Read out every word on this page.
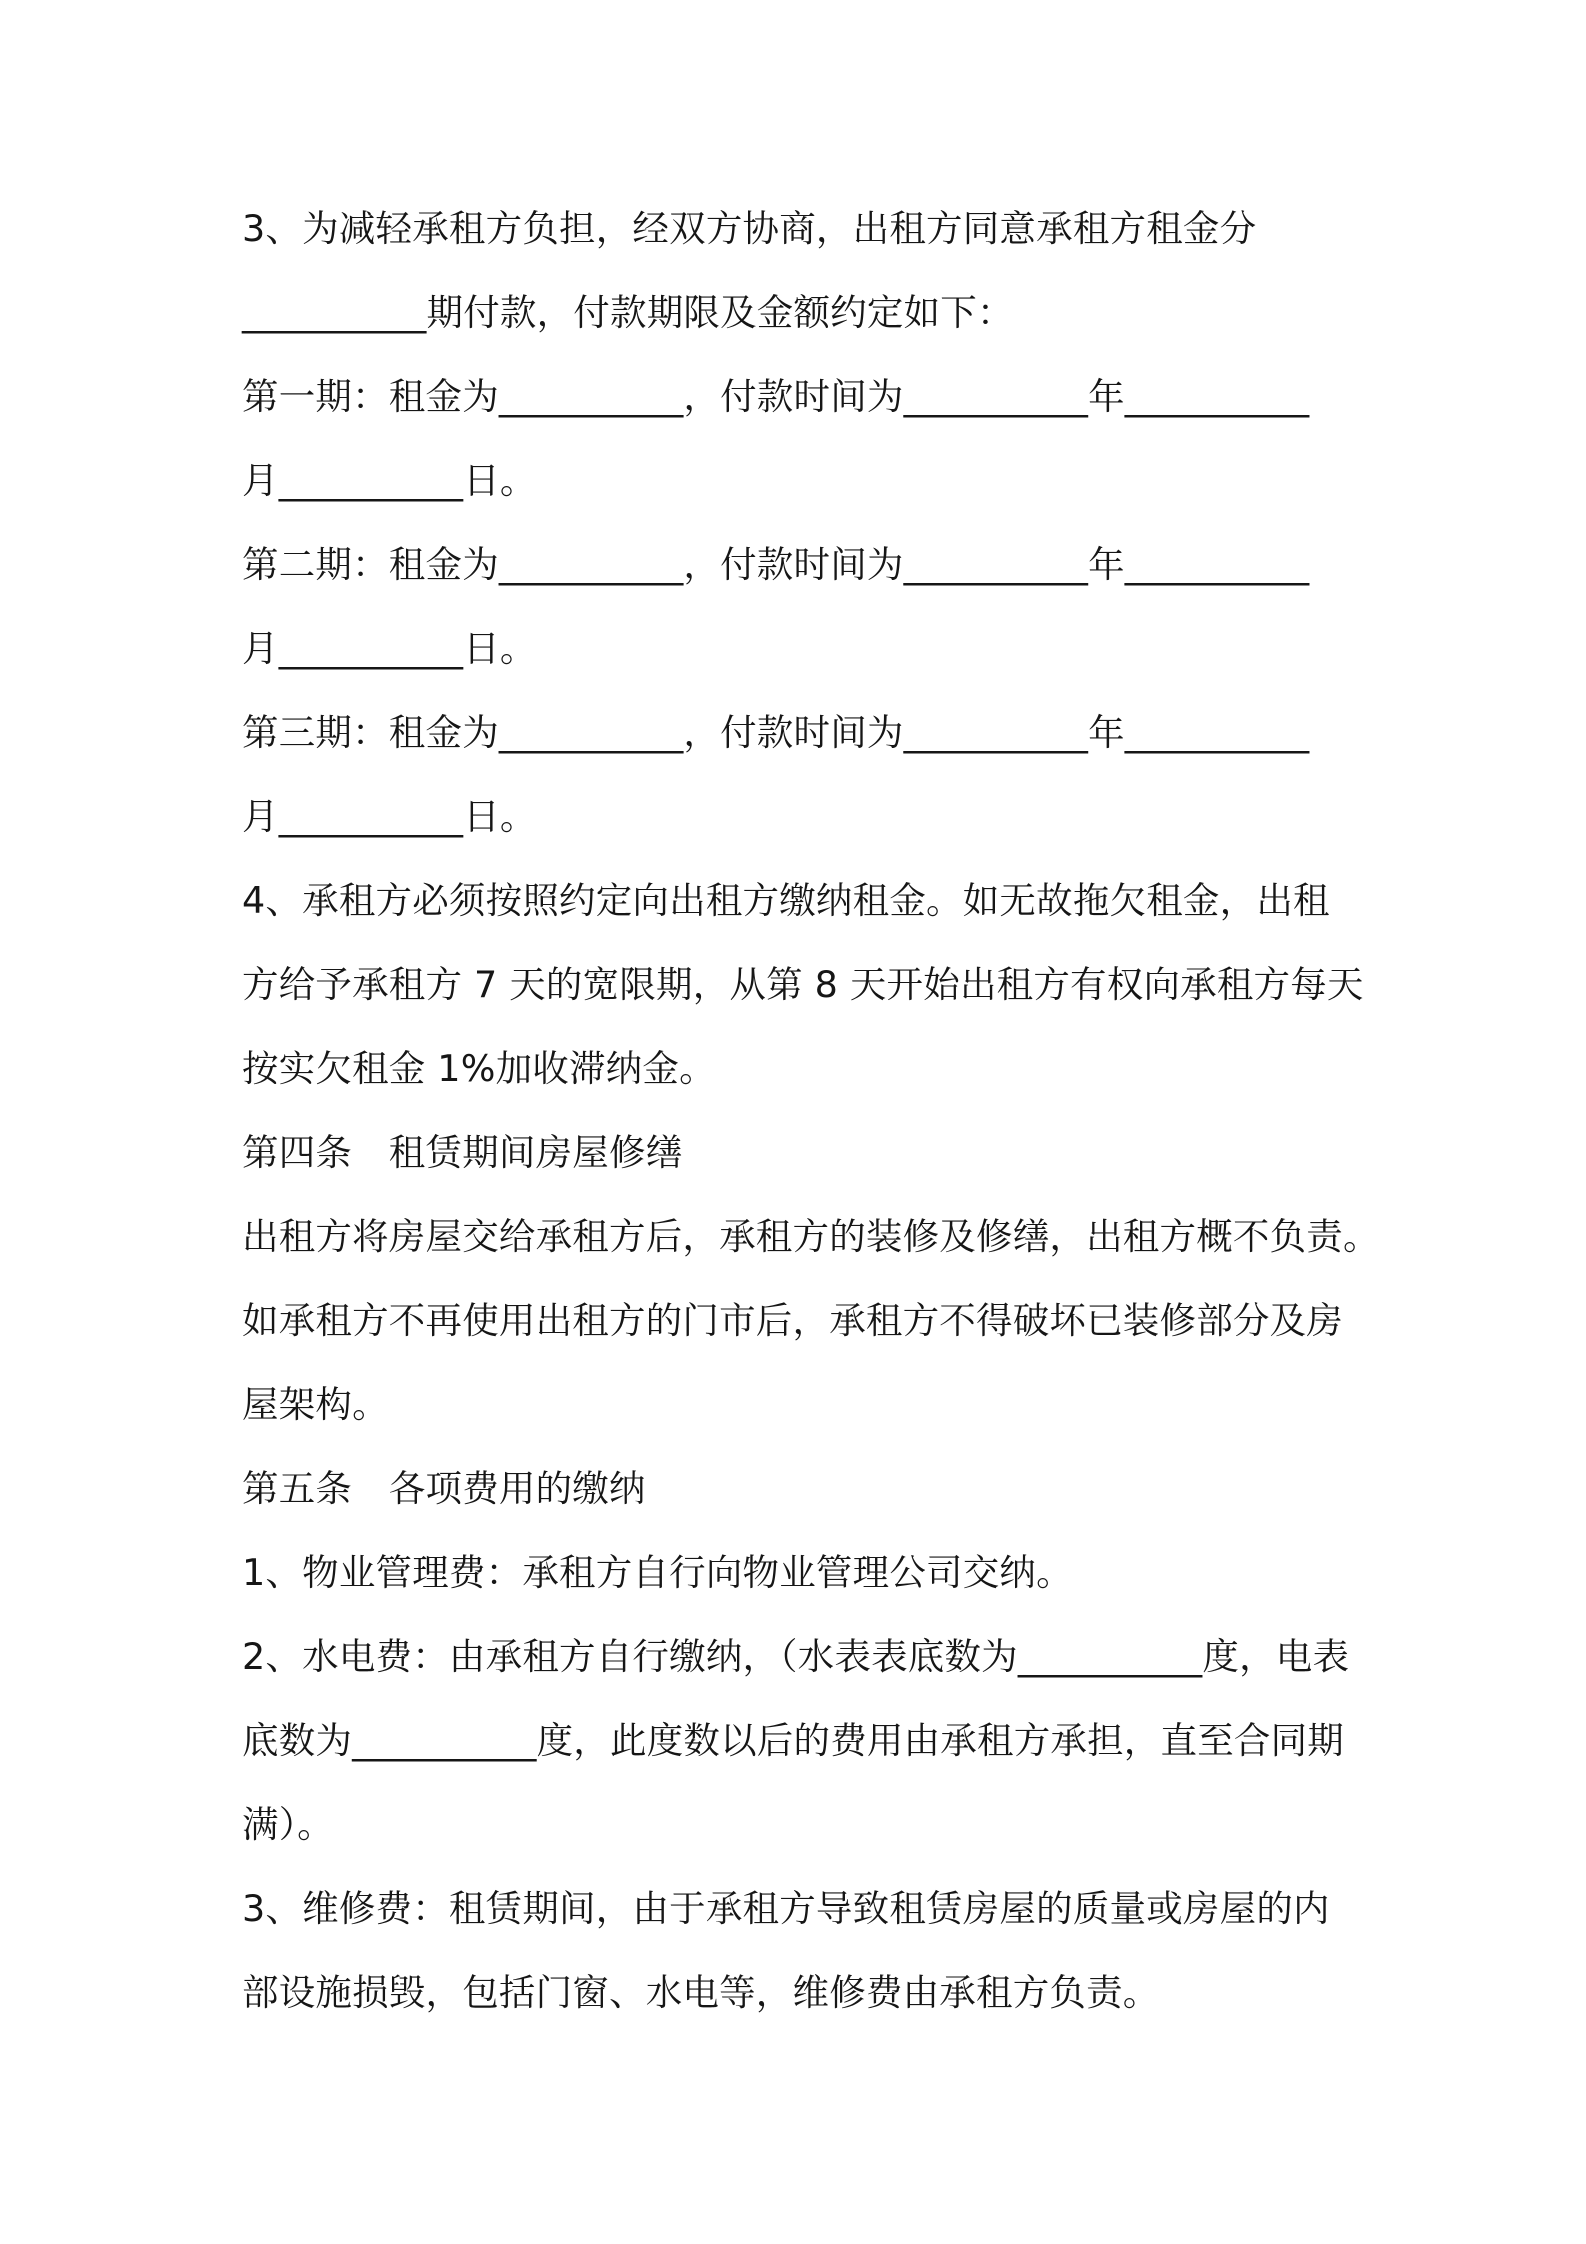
3、为减轻承租方负担，经双方协商，出租方同意承租方租金分

__________期付款，付款期限及金额约定如下：

第一期：租金为__________，付款时间为__________年__________

月__________日。

第二期：租金为__________，付款时间为__________年__________

月__________日。

第三期：租金为__________，付款时间为__________年__________

月__________日。

4、承租方必须按照约定向出租方缴纳租金。如无故拖欠租金，出租

方给予承租方 7 天的宽限期，从第 8 天开始出租方有权向承租方每天

按实欠租金 1%加收滞纳金。

第四条　租赁期间房屋修缮

出租方将房屋交给承租方后，承租方的装修及修缮，出租方概不负责。

如承租方不再使用出租方的门市后，承租方不得破坏已装修部分及房

屋架构。

第五条　各项费用的缴纳

1、物业管理费：承租方自行向物业管理公司交纳。

2、水电费：由承租方自行缴纳，（水表表底数为__________度，电表

底数为__________度，此度数以后的费用由承租方承担，直至合同期

满）。

3、维修费：租赁期间，由于承租方导致租赁房屋的质量或房屋的内

部设施损毁，包括门窗、水电等，维修费由承租方负责。
